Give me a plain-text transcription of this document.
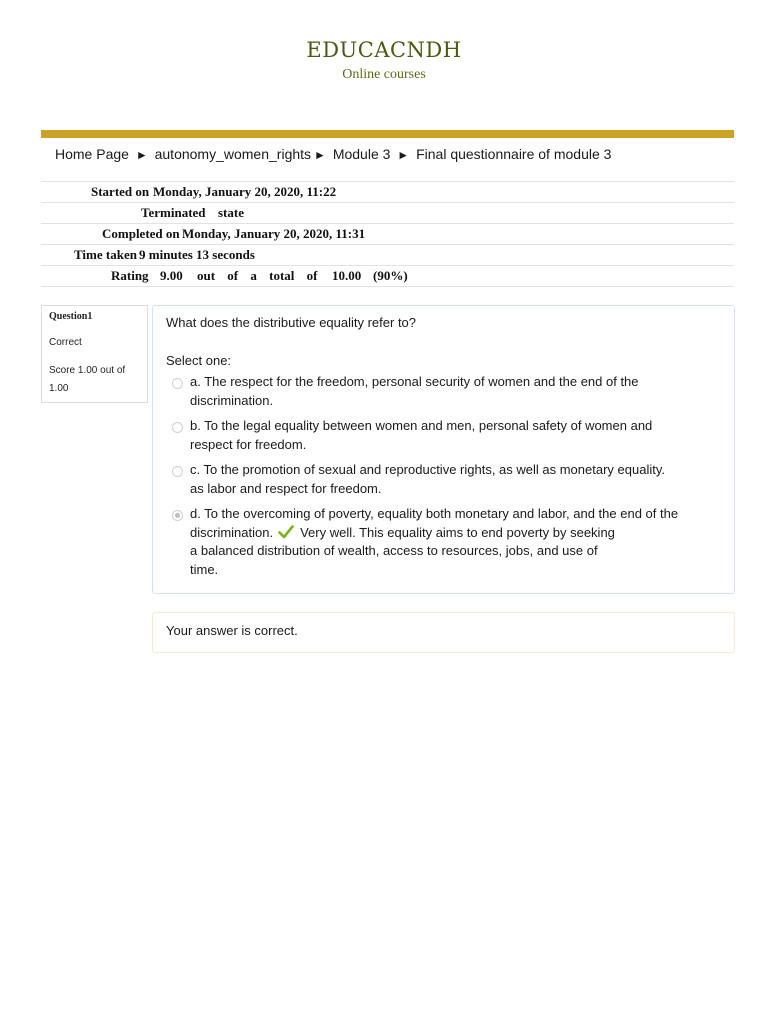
EDUCACNDH
Online courses
Home Page ► autonomy_women_rights ► Module 3 ► Final questionnaire of module 3
Started on Monday, January 20, 2020, 11:22
Terminated state
Completed on Monday, January 20, 2020, 11:31
Time taken 9 minutes 13 seconds
Rating 9.00 out of a total of 10.00 (90%)
Question1
Correct
Score 1.00 out of 1.00
What does the distributive equality refer to?
Select one:
a. The respect for the freedom, personal security of women and the end of the
discrimination.
b. To the legal equality between women and men, personal safety of women and
respect for freedom.
c. To the promotion of sexual and reproductive rights, as well as monetary equality.
as labor and respect for freedom.
d. To the overcoming of poverty, equality both monetary and labor, and the end of the
discrimination. Very well. This equality aims to end poverty by seeking
a balanced distribution of wealth, access to resources, jobs, and use of
time.
Your answer is correct.
